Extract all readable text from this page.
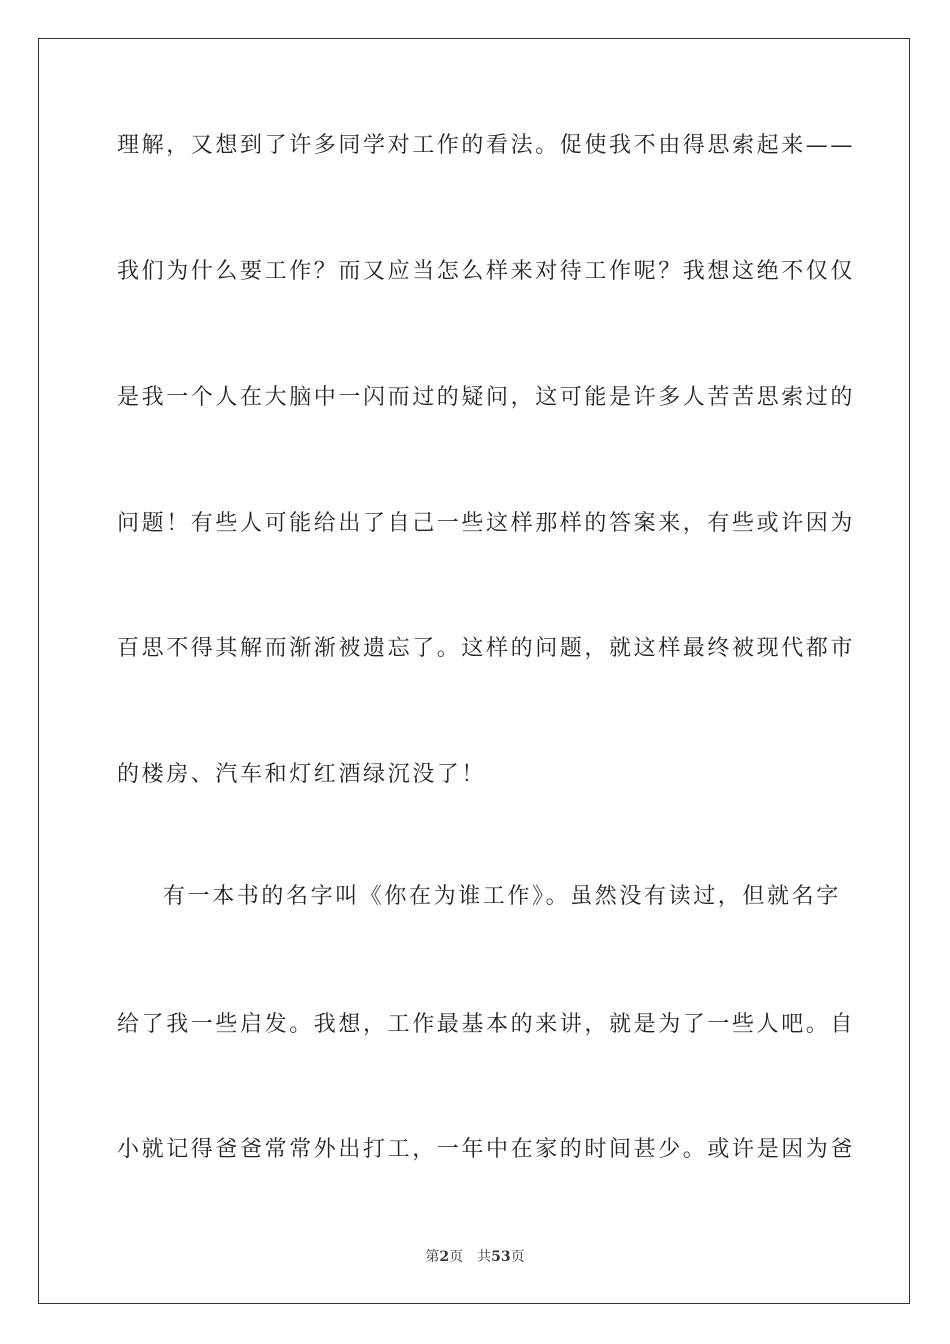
理解，又想到了许多同学对工作的看法。促使我不由得思索起来——
我们为什么要工作？而又应当怎么样来对待工作呢？我想这绝不仅仅
是我一个人在大脑中一闪而过的疑问，这可能是许多人苦苦思索过的
问题！有些人可能给出了自己一些这样那样的答案来，有些或许因为
百思不得其解而渐渐被遗忘了。这样的问题，就这样最终被现代都市
的楼房、汽车和灯红酒绿沉没了！
有一本书的名字叫《你在为谁工作》。虽然没有读过，但就名字
给了我一些启发。我想，工作最基本的来讲，就是为了一些人吧。自
小就记得爸爸常常外出打工，一年中在家的时间甚少。或许是因为爸
第2页 共53页
